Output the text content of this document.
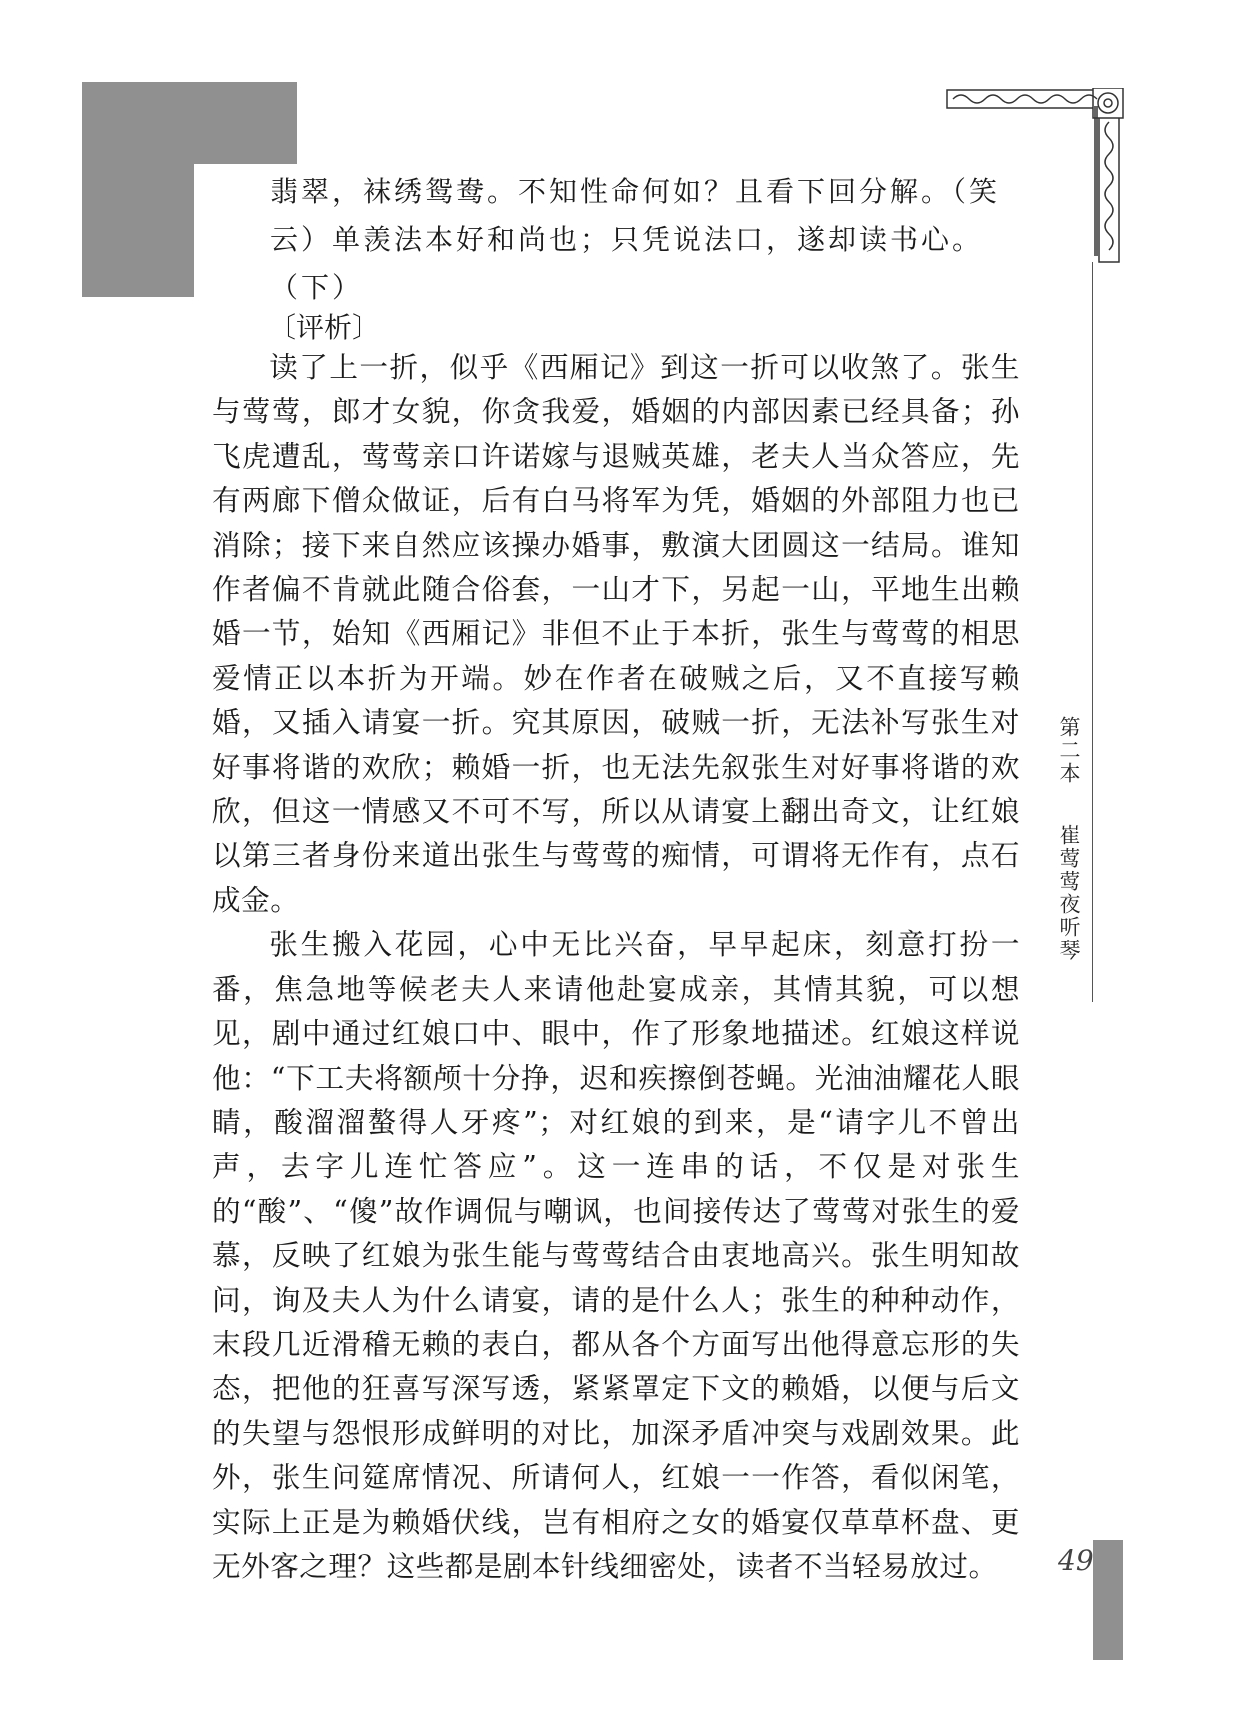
第二本  崔莺莺夜听琴

翡翠，袜绣鸳鸯。不知性命何如？且看下回分解。（笑云）单羡法本好和尚也；只凭说法口，遂却读书心。（下）

〔评析〕

读了上一折，似乎《西厢记》到这一折可以收煞了。张生与莺莺，郎才女貌，你贪我爱，婚姻的内部因素已经具备；孙飞虎遭乱，莺莺亲口许诺嫁与退贼英雄，老夫人当众答应，先有两廊下僧众做证，后有白马将军为凭，婚姻的外部阻力也已消除；接下来自然应该操办婚事，敷演大团圆这一结局。谁知作者偏不肯就此随合俗套，一山才下，另起一山，平地生出赖婚一节，始知《西厢记》非但不止于本折，张生与莺莺的相思爱情正以本折为开端。妙在作者在破贼之后，又不直接写赖婚，又插入请宴一折。究其原因，破贼一折，无法补写张生对好事将谐的欢欣；赖婚一折，也无法先叙张生对好事将谐的欢欣，但这一情感又不可不写，所以从请宴上翻出奇文，让红娘以第三者身份来道出张生与莺莺的痴情，可谓将无作有，点石成金。

张生搬入花园，心中无比兴奋，早早起床，刻意打扮一番，焦急地等候老夫人来请他赴宴成亲，其情其貌，可以想见，剧中通过红娘口中、眼中，作了形象地描述。红娘这样说他：“下工夫将额颅十分挣，迟和疾擦倒苍蝇。光油油耀花人眼睛，酸溜溜螯得人牙疼”；对红娘的到来，是“请字儿不曾出声，去字儿连忙答应”。这一连串的话，不仅是对张生的“酸”、“傻”故作调侃与嘲讽，也间接传达了莺莺对张生的爱慕，反映了红娘为张生能与莺莺结合由衷地高兴。张生明知故问，询及夫人为什么请宴，请的是什么人；张生的种种动作，末段几近滑稽无赖的表白，都从各个方面写出他得意忘形的失态，把他的狂喜写深写透，紧紧罩定下文的赖婚，以便与后文的失望与怨恨形成鲜明的对比，加深矛盾冲突与戏剧效果。此外，张生问筵席情况、所请何人，红娘一一作答，看似闲笔，实际上正是为赖婚伏线，岂有相府之女的婚宴仅草草杯盘、更无外客之理？这些都是剧本针线细密处，读者不当轻易放过。	49
